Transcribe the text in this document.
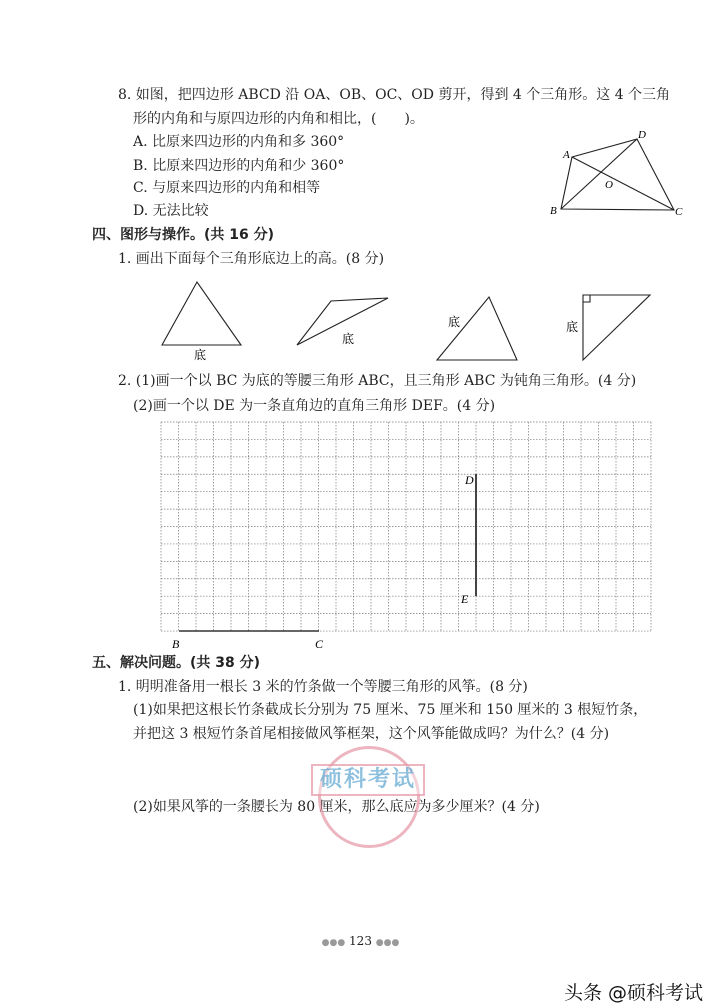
8. 如图，把四边形 ABCD 沿 OA、OB、OC、OD 剪开，得到 4 个三角形。这 4 个三角
形的内角和与原四边形的内角和相比，(　　)。
A. 比原来四边形的内角和多 360°
B. 比原来四边形的内角和少 360°
C. 与原来四边形的内角和相等
D. 无法比较
A
D
B	C
O
底
底
底	底
B	C
D
E
四、图形与操作。(共 16 分)
1. 画出下面每个三角形底边上的高。(8 分)
2. (1)画一个以 BC 为底的等腰三角形 ABC，且三角形 ABC 为钝角三角形。(4 分)
(2)画一个以 DE 为一条直角边的直角三角形 DEF。(4 分)
五、解决问题。(共 38 分)
1. 明明准备用一根长 3 米的竹条做一个等腰三角形的风筝。(8 分)
(1)如果把这根长竹条截成长分别为 75 厘米、75 厘米和 150 厘米的 3 根短竹条，
并把这 3 根短竹条首尾相接做风筝框架，这个风筝能做成吗？为什么？(4 分)
(2)如果风筝的一条腰长为 80 厘米，那么底应为多少厘米？(4 分)
硕科考试
●●● 123 ●●●
头条 @硕科考试
